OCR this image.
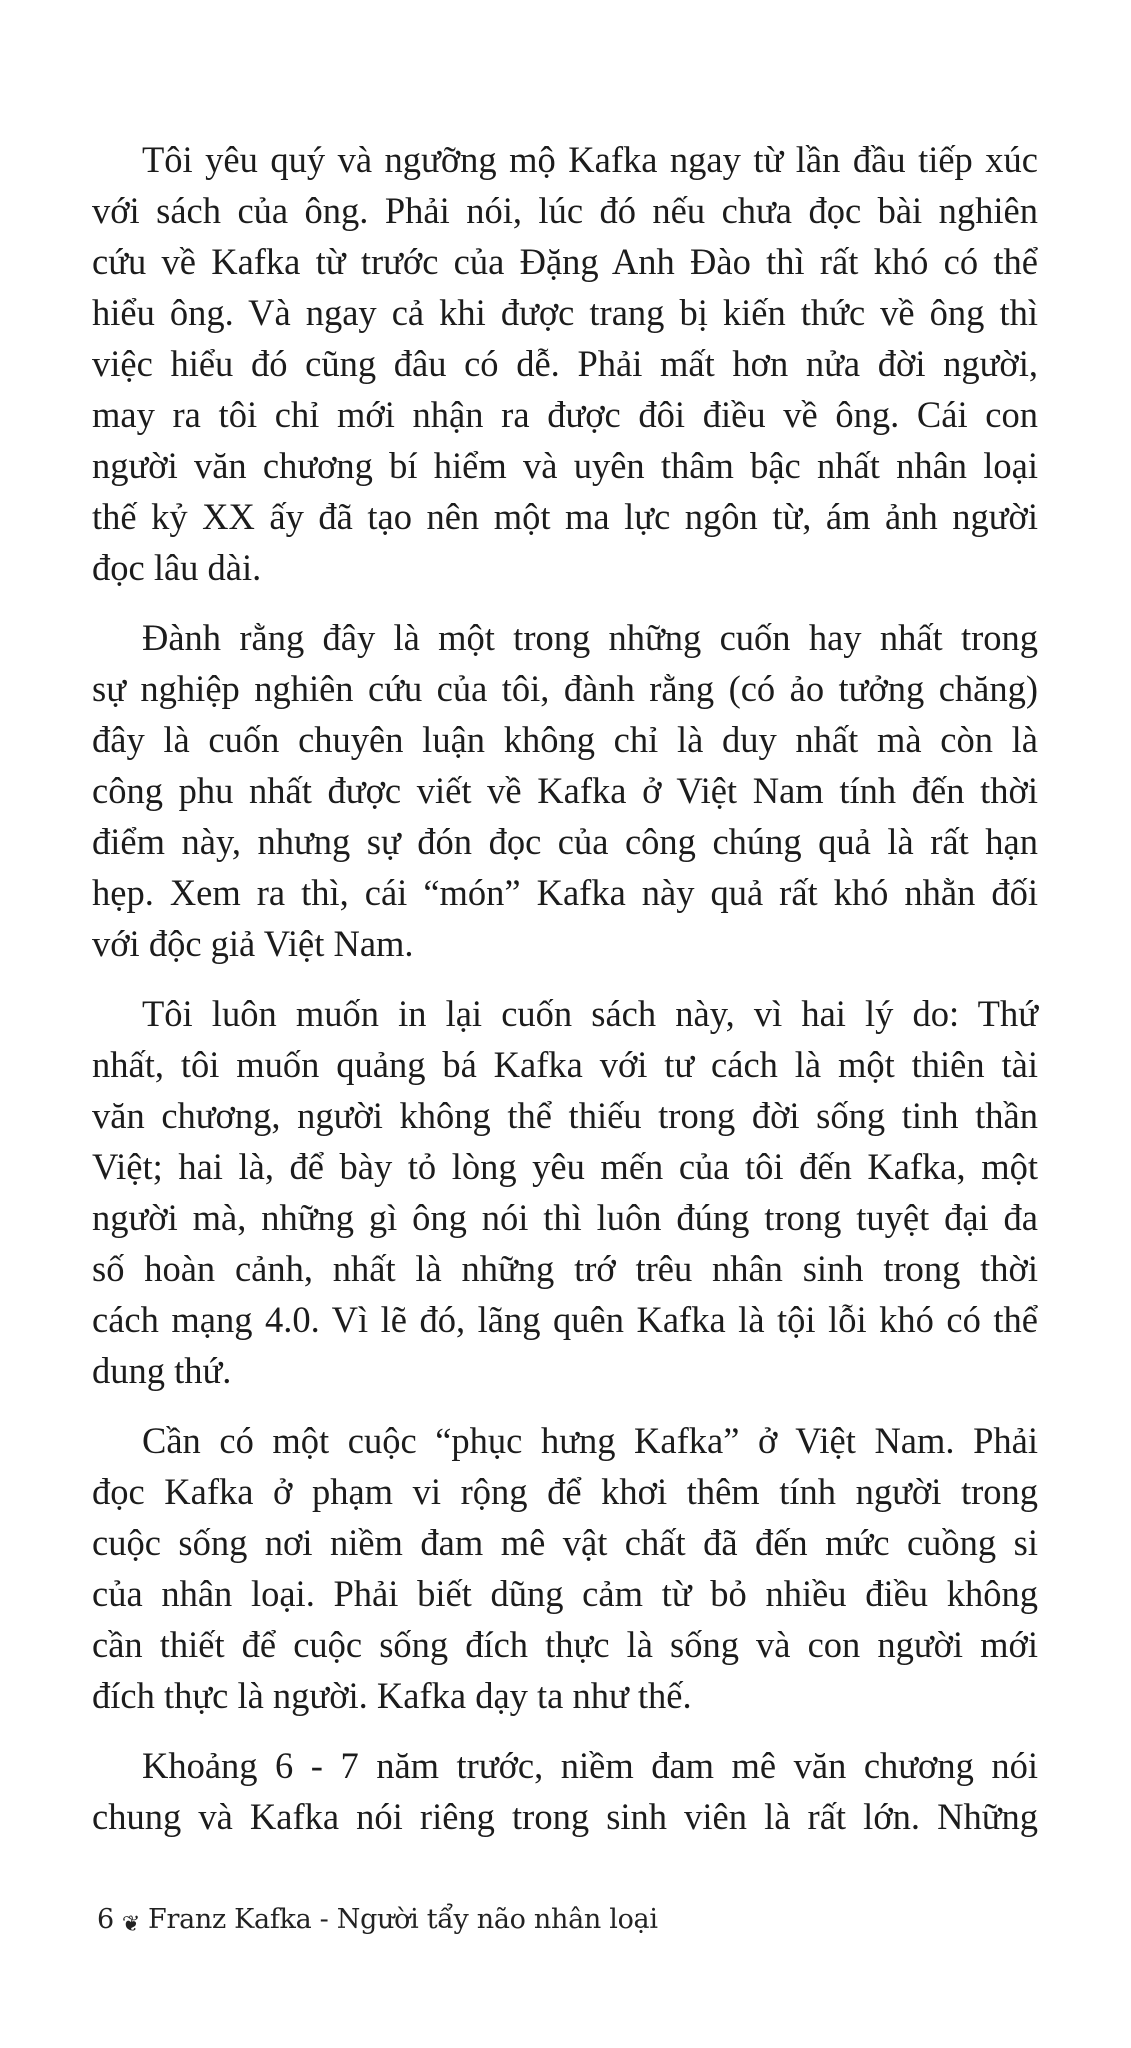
Tôi yêu quý và ngưỡng mộ Kafka ngay từ lần đầu tiếp xúc
với sách của ông. Phải nói, lúc đó nếu chưa đọc bài nghiên
cứu về Kafka từ trước của Đặng Anh Đào thì rất khó có thể
hiểu ông. Và ngay cả khi được trang bị kiến thức về ông thì
việc hiểu đó cũng đâu có dễ. Phải mất hơn nửa đời người,
may ra tôi chỉ mới nhận ra được đôi điều về ông. Cái con
người văn chương bí hiểm và uyên thâm bậc nhất nhân loại
thế kỷ XX ấy đã tạo nên một ma lực ngôn từ, ám ảnh người
đọc lâu dài.
Đành rằng đây là một trong những cuốn hay nhất trong
sự nghiệp nghiên cứu của tôi, đành rằng (có ảo tưởng chăng)
đây là cuốn chuyên luận không chỉ là duy nhất mà còn là
công phu nhất được viết về Kafka ở Việt Nam tính đến thời
điểm này, nhưng sự đón đọc của công chúng quả là rất hạn
hẹp. Xem ra thì, cái “món” Kafka này quả rất khó nhằn đối
với độc giả Việt Nam.
Tôi luôn muốn in lại cuốn sách này, vì hai lý do: Thứ
nhất, tôi muốn quảng bá Kafka với tư cách là một thiên tài
văn chương, người không thể thiếu trong đời sống tinh thần
Việt; hai là, để bày tỏ lòng yêu mến của tôi đến Kafka, một
người mà, những gì ông nói thì luôn đúng trong tuyệt đại đa
số hoàn cảnh, nhất là những trớ trêu nhân sinh trong thời
cách mạng 4.0. Vì lẽ đó, lãng quên Kafka là tội lỗi khó có thể
dung thứ.
Cần có một cuộc “phục hưng Kafka” ở Việt Nam. Phải
đọc Kafka ở phạm vi rộng để khơi thêm tính người trong
cuộc sống nơi niềm đam mê vật chất đã đến mức cuồng si
của nhân loại. Phải biết dũng cảm từ bỏ nhiều điều không
cần thiết để cuộc sống đích thực là sống và con người mới
đích thực là người. Kafka dạy ta như thế.
Khoảng 6 - 7 năm trước, niềm đam mê văn chương nói
chung và Kafka nói riêng trong sinh viên là rất lớn. Những
6 ❦ Franz Kafka - Người tẩy não nhân loại
